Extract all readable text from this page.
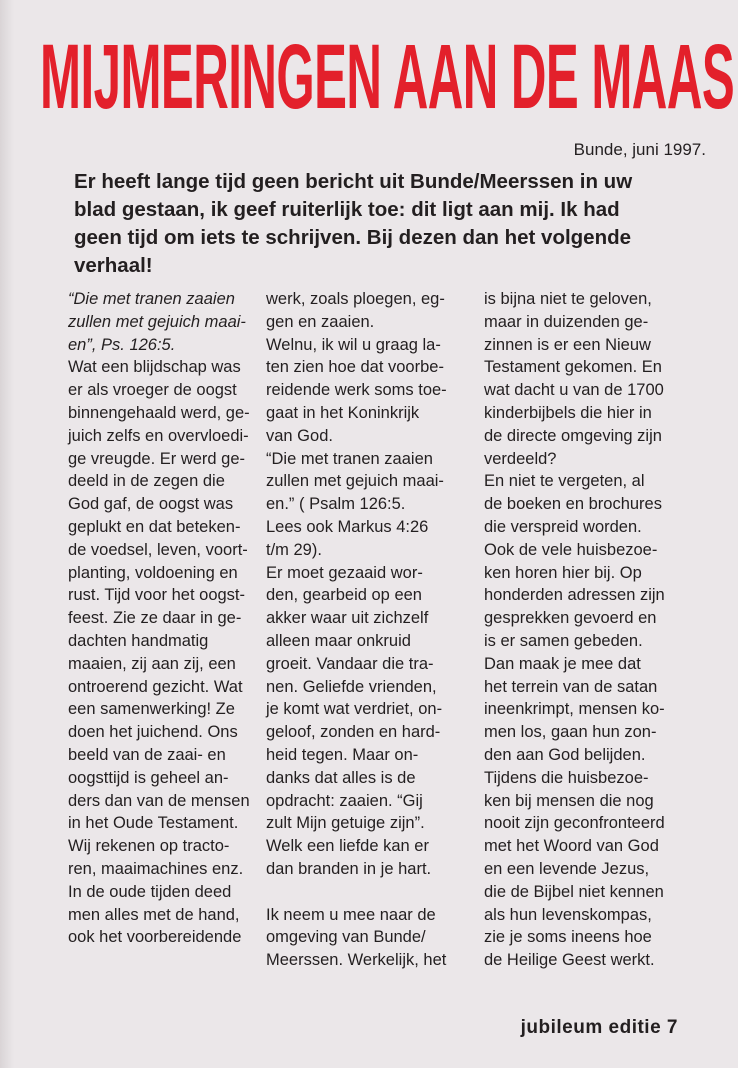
MIJMERINGEN AAN DE MAAS
Bunde, juni 1997.
Er heeft lange tijd geen bericht uit Bunde/Meerssen in uw
blad gestaan, ik geef ruiterlijk toe: dit ligt aan mij. Ik had
geen tijd om iets te schrijven. Bij dezen dan het volgende
verhaal!
“Die met tranen zaaien
zullen met gejuich maai-
en”, Ps. 126:5.
Wat een blijdschap was
er als vroeger de oogst
binnengehaald werd, ge-
juich zelfs en overvloedi-
ge vreugde. Er werd ge-
deeld in de zegen die
God gaf, de oogst was
geplukt en dat beteken-
de voedsel, leven, voort-
planting, voldoening en
rust. Tijd voor het oogst-
feest. Zie ze daar in ge-
dachten handmatig
maaien, zij aan zij, een
ontroerend gezicht. Wat
een samenwerking! Ze
doen het juichend. Ons
beeld van de zaai- en
oogsttijd is geheel an-
ders dan van de mensen
in het Oude Testament.
Wij rekenen op tracto-
ren, maaimachines enz.
In de oude tijden deed
men alles met de hand,
ook het voorbereidende
werk, zoals ploegen, eg-
gen en zaaien.
Welnu, ik wil u graag la-
ten zien hoe dat voorbe-
reidende werk soms toe-
gaat in het Koninkrijk
van God.
“Die met tranen zaaien
zullen met gejuich maai-
en.” ( Psalm 126:5.
Lees ook Markus 4:26
t/m 29).
Er moet gezaaid wor-
den, gearbeid op een
akker waar uit zichzelf
alleen maar onkruid
groeit. Vandaar die tra-
nen. Geliefde vrienden,
je komt wat verdriet, on-
geloof, zonden en hard-
heid tegen. Maar on-
danks dat alles is de
opdracht: zaaien. “Gij
zult Mijn getuige zijn”.
Welk een liefde kan er
dan branden in je hart.
Ik neem u mee naar de
omgeving van Bunde/
Meerssen. Werkelijk, het
is bijna niet te geloven,
maar in duizenden ge-
zinnen is er een Nieuw
Testament gekomen. En
wat dacht u van de 1700
kinderbijbels die hier in
de directe omgeving zijn
verdeeld?
En niet te vergeten, al
de boeken en brochures
die verspreid worden.
Ook de vele huisbezoe-
ken horen hier bij. Op
honderden adressen zijn
gesprekken gevoerd en
is er samen gebeden.
Dan maak je mee dat
het terrein van de satan
ineenkrimpt, mensen ko-
men los, gaan hun zon-
den aan God belijden.
Tijdens die huisbezoe-
ken bij mensen die nog
nooit zijn geconfronteerd
met het Woord van God
en een levende Jezus,
die de Bijbel niet kennen
als hun levenskompas,
zie je soms ineens hoe
de Heilige Geest werkt.
jubileum editie 7
